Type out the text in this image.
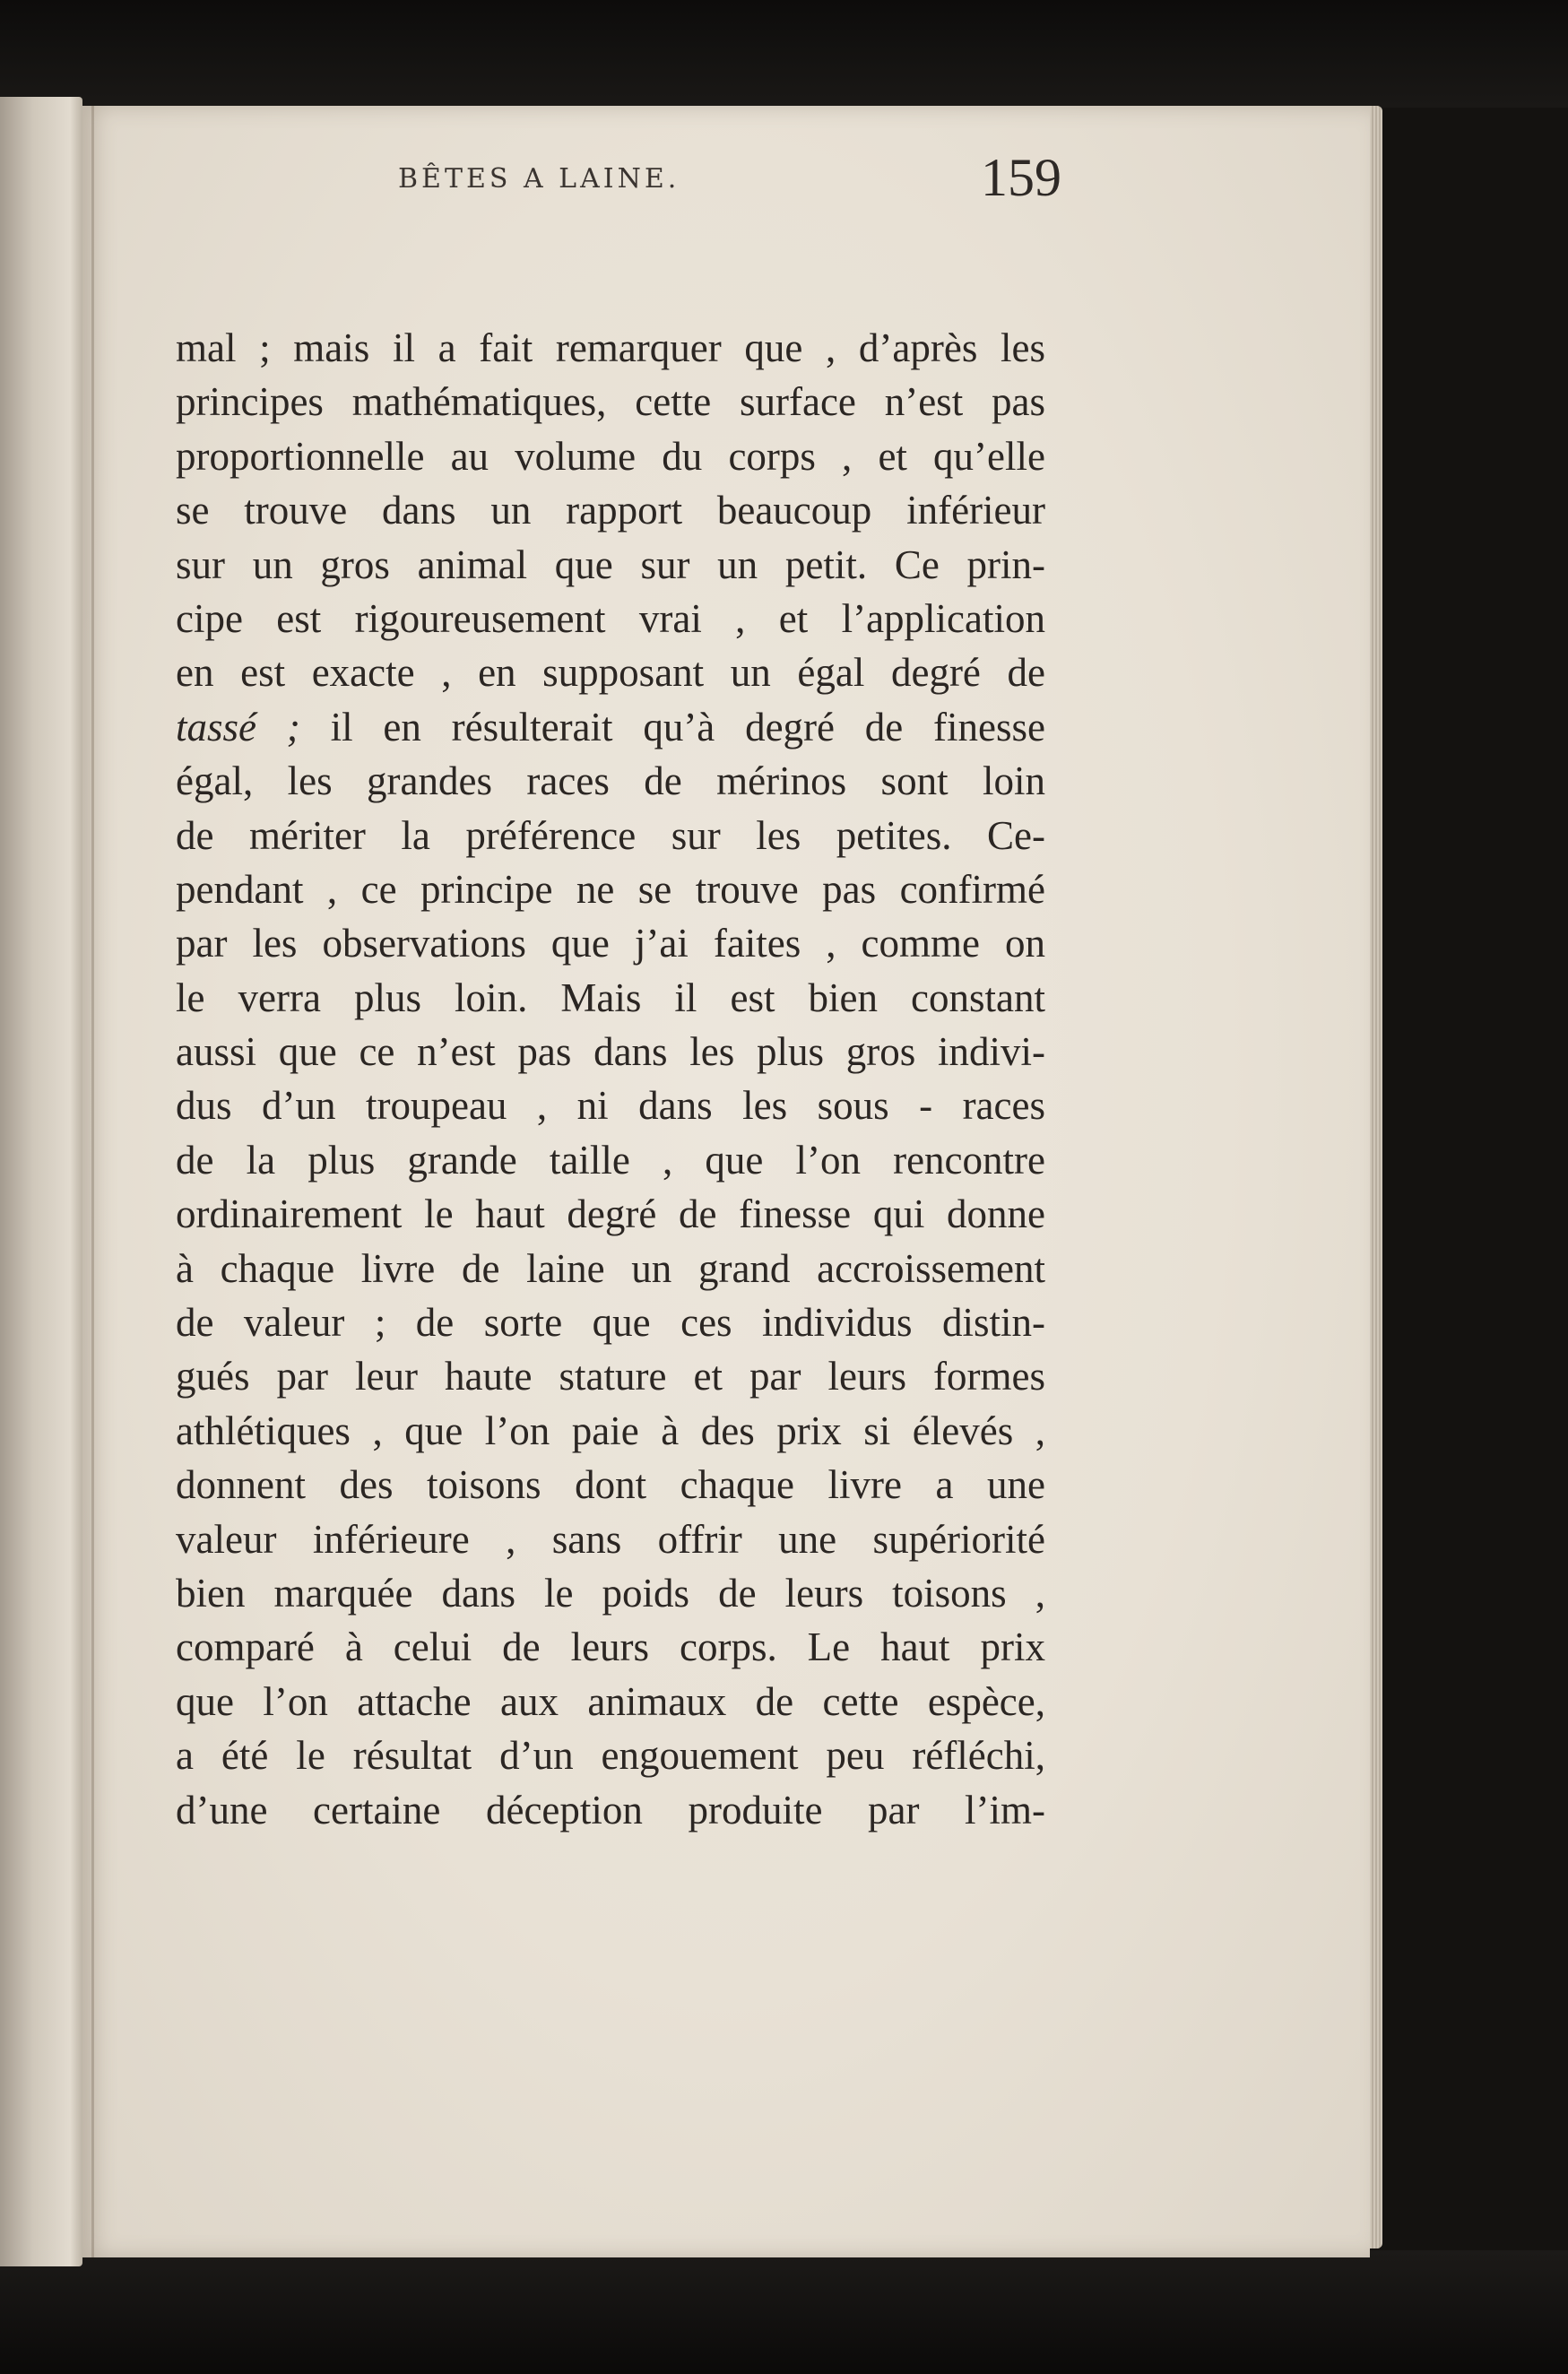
BÊTES A LAINE.	159
mal ; mais il a fait remarquer que , d’après les
principes mathématiques, cette surface n’est pas
proportionnelle au volume du corps , et qu’elle
se trouve dans un rapport beaucoup inférieur
sur un gros animal que sur un petit. Ce prin-
cipe est rigoureusement vrai , et l’application
en est exacte , en supposant un égal degré de
tassé ; il en résulterait qu’à degré de finesse
égal, les grandes races de mérinos sont loin
de mériter la préférence sur les petites. Ce-
pendant , ce principe ne se trouve pas confirmé
par les observations que j’ai faites , comme on
le verra plus loin. Mais il est bien constant
aussi que ce n’est pas dans les plus gros indivi-
dus d’un troupeau , ni dans les sous - races
de la plus grande taille , que l’on rencontre
ordinairement le haut degré de finesse qui donne
à chaque livre de laine un grand accroissement
de valeur ; de sorte que ces individus distin-
gués par leur haute stature et par leurs formes
athlétiques , que l’on paie à des prix si élevés ,
donnent des toisons dont chaque livre a une
valeur inférieure , sans offrir une supériorité
bien marquée dans le poids de leurs toisons ,
comparé à celui de leurs corps. Le haut prix
que l’on attache aux animaux de cette espèce,
a été le résultat d’un engouement peu réfléchi,
d’une certaine déception produite par l’im-
